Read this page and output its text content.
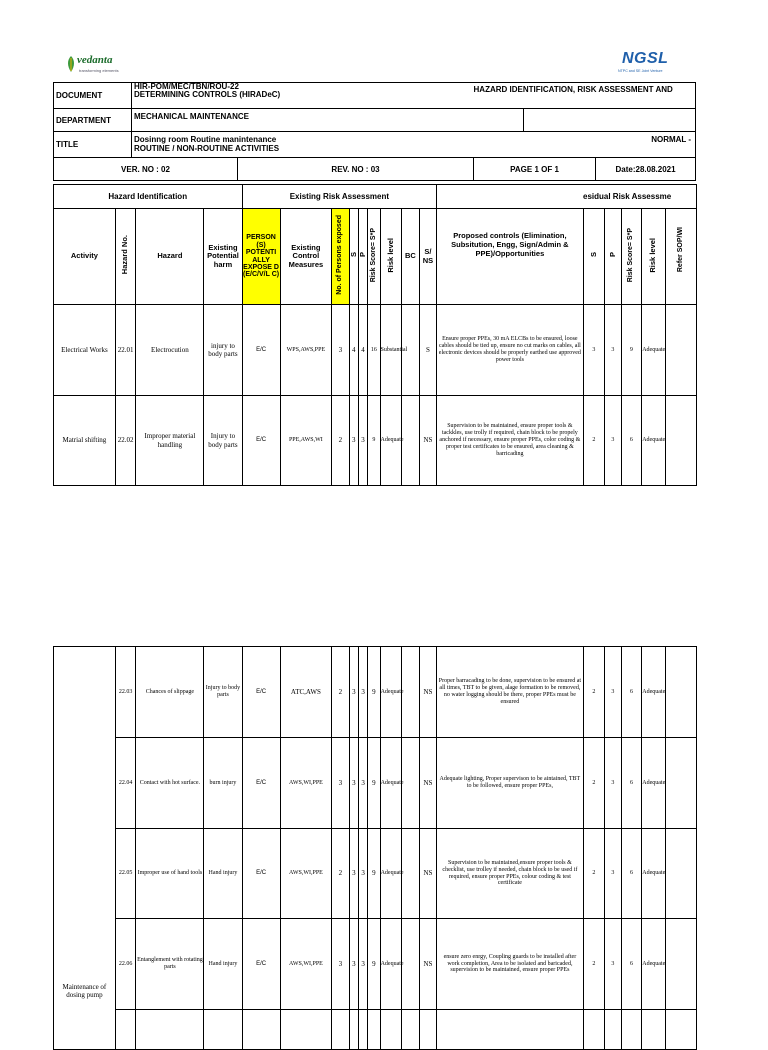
vedanta
transforming elements
NGSL
NTPC and SE Joint Venture
DOCUMENT	HIR-POM/MEC/TBN/ROU-22
DETERMINING CONTROLS (HIRADeC)		HAZARD IDENTIFICATION, RISK ASSESSMENT AND		
DEPARTMENT	MECHANICAL MAINTENANCE				
TITLE	Dosinng room Routine manintenance
ROUTINE / NON-ROUTINE ACTIVITIES			NORMAL -	
VER. NO : 02		REV. NO : 03	PAGE 1 OF 1		Date:28.08.2021
Hazard Identification				Existing Risk Assessment										esidual Risk Assessme				
Activity	Hazard No.	Hazard	Existing Potential harm	PERSON (S) POTENTI ALLY EXPOSE D (E/C/V/L C)	Existing Control Measures	No. of Persons exposed	S	P	Risk Score= S*P	Risk level	BC	S/ NS	Proposed controls (Elimination, Subsitution, Engg, Sign/Admin & PPE)/Opportunities	S	P	Risk Score= S*P	Risk level	Refer SOP/WI
Electrical Works	22.01	Electrocution	injury to body parts	E/C	WPS,AWS,PPE	3	4	4	16	Substantial		S	Ensure proper PPEs, 30 mA ELCBs to be ensured, loose cables should be tied up, ensure no cut marks on cables, all electronic devices should be properly earthed use approved power tools	3	3	9	Adequate	
Matrial shifting	22.02	Improper material handling	Injury to body parts	E/C	PPE,AWS,WI	2	3	3	9	Adequate		NS	Supervision to be maintained, ensure proper tools & tackkles, use trolly if required, chain block to be propely anchored if necessary, ensure proper PPEs, color coding & proper test certificates to be ensured, area cleaning & barricading	2	3	6	Adequate	
Maintenance of dosing pump	22.03	Chances of slippage	Injury to body parts	E/C	ATC,AWS	2	3	3	9	Adequate		NS	Proper barracading to be done, supervision to be ensured at all times, TBT to be given, alage formation to be removed, no water logging should be there, proper PPEs must be ensured	2	3	6	Adequate	
	22.04	Contact with hot surface.	burn injury	E/C	AWS,WI,PPE	3	3	3	9	Adequate		NS	Adequate lighting, Proper supervison to be aintained, TBT to be followed, ensure proper PPEs,	2	3	6	Adequate	
	22.05	Improper use of hand tools	Hand injury	E/C	AWS,WI,PPE	2	3	3	9	Adequate		NS	Supervision to be maintained,ensure proper tools & checklist, use trolley if needed, chain block to be used if required, ensure proper PPEs, colour coding & test certificate	2	3	6	Adequate	
	22.06	Entanglement with rotating parts	Hand injury	E/C	AWS,WI,PPE	3	3	3	9	Adequate		NS	ensure zero enrgy, Coupling guards to be installed after work completion, Area to be isolated and baricaded, supervision to be maintained, ensure proper PPEs	2	3	6	Adequate	
